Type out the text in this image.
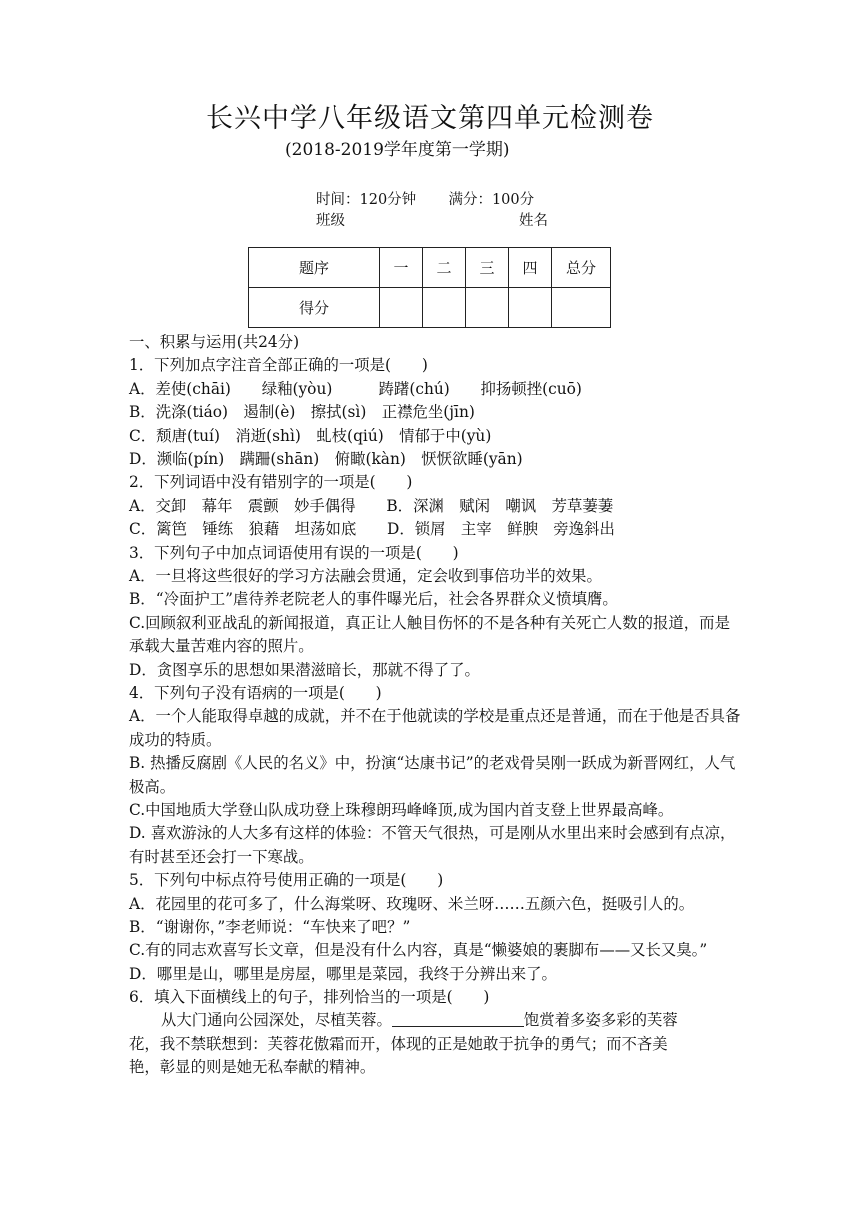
长兴中学八年级语文第四单元检测卷
(2018-2019学年度第一学期)
时间：120分钟 满分：100分
班级	姓名
题序	一	二	三	四	总分
得分					
一、积累与运用(共24分)
1．下列加点字注音全部正确的一项是(　　)
A．差使(chāi)　　绿釉(yòu)　　　踌躇(chú)　　抑扬顿挫(cuō)
B．洗涤(tiáo)　遏制(è)　擦拭(sì)　正襟危坐(jīn)
C．颓唐(tuí)　消逝(shì)　虬枝(qiú)　情郁于中(yù)
D．濒临(pín)　蹒跚(shān)　俯瞰(kàn)　恹恹欲睡(yān)
2．下列词语中没有错别字的一项是(　　)
A．交卸　幕年　震颤　妙手偶得　　B．深渊　赋闲　嘲讽　芳草萋萋
C．篱笆　锤练　狼藉　坦荡如底　　D．锁屑　主宰　鲜腴　旁逸斜出
3．下列句子中加点词语使用有误的一项是(　　)
A．一旦将这些很好的学习方法融会贯通，定会收到事倍功半的效果。
B．“冷面护工”虐待养老院老人的事件曝光后，社会各界群众义愤填膺。
C.回顾叙利亚战乱的新闻报道，真正让人触目伤怀的不是各种有关死亡人数的报道，而是承载大量苦难内容的照片。
D．贪图享乐的思想如果潜滋暗长，那就不得了了。
4．下列句子没有语病的一项是(　　)
A．一个人能取得卓越的成就，并不在于他就读的学校是重点还是普通，而在于他是否具备成功的特质。
B. 热播反腐剧《人民的名义》中，扮演“达康书记”的老戏骨吴刚一跃成为新晋网红，人气极高。
C.中国地质大学登山队成功登上珠穆朗玛峰峰顶,成为国内首支登上世界最高峰。
D. 喜欢游泳的人大多有这样的体验：不管天气很热，可是刚从水里出来时会感到有点凉，有时甚至还会打一下寒战。
5．下列句中标点符号使用正确的一项是(　　)
A．花园里的花可多了，什么海棠呀、玫瑰呀、米兰呀……五颜六色，挺吸引人的。
B．“谢谢你，”李老师说：“车快来了吧？”
C.有的同志欢喜写长文章，但是没有什么内容，真是“懒婆娘的裹脚布——又长又臭。”
D．哪里是山，哪里是房屋，哪里是菜园，我终于分辨出来了。
6．填入下面横线上的句子，排列恰当的一项是(　　)
从大门通向公园深处，尽植芙蓉。	饱赏着多姿多彩的芙蓉
花，我不禁联想到：芙蓉花傲霜而开，体现的正是她敢于抗争的勇气；而不吝美
艳，彰显的则是她无私奉献的精神。
